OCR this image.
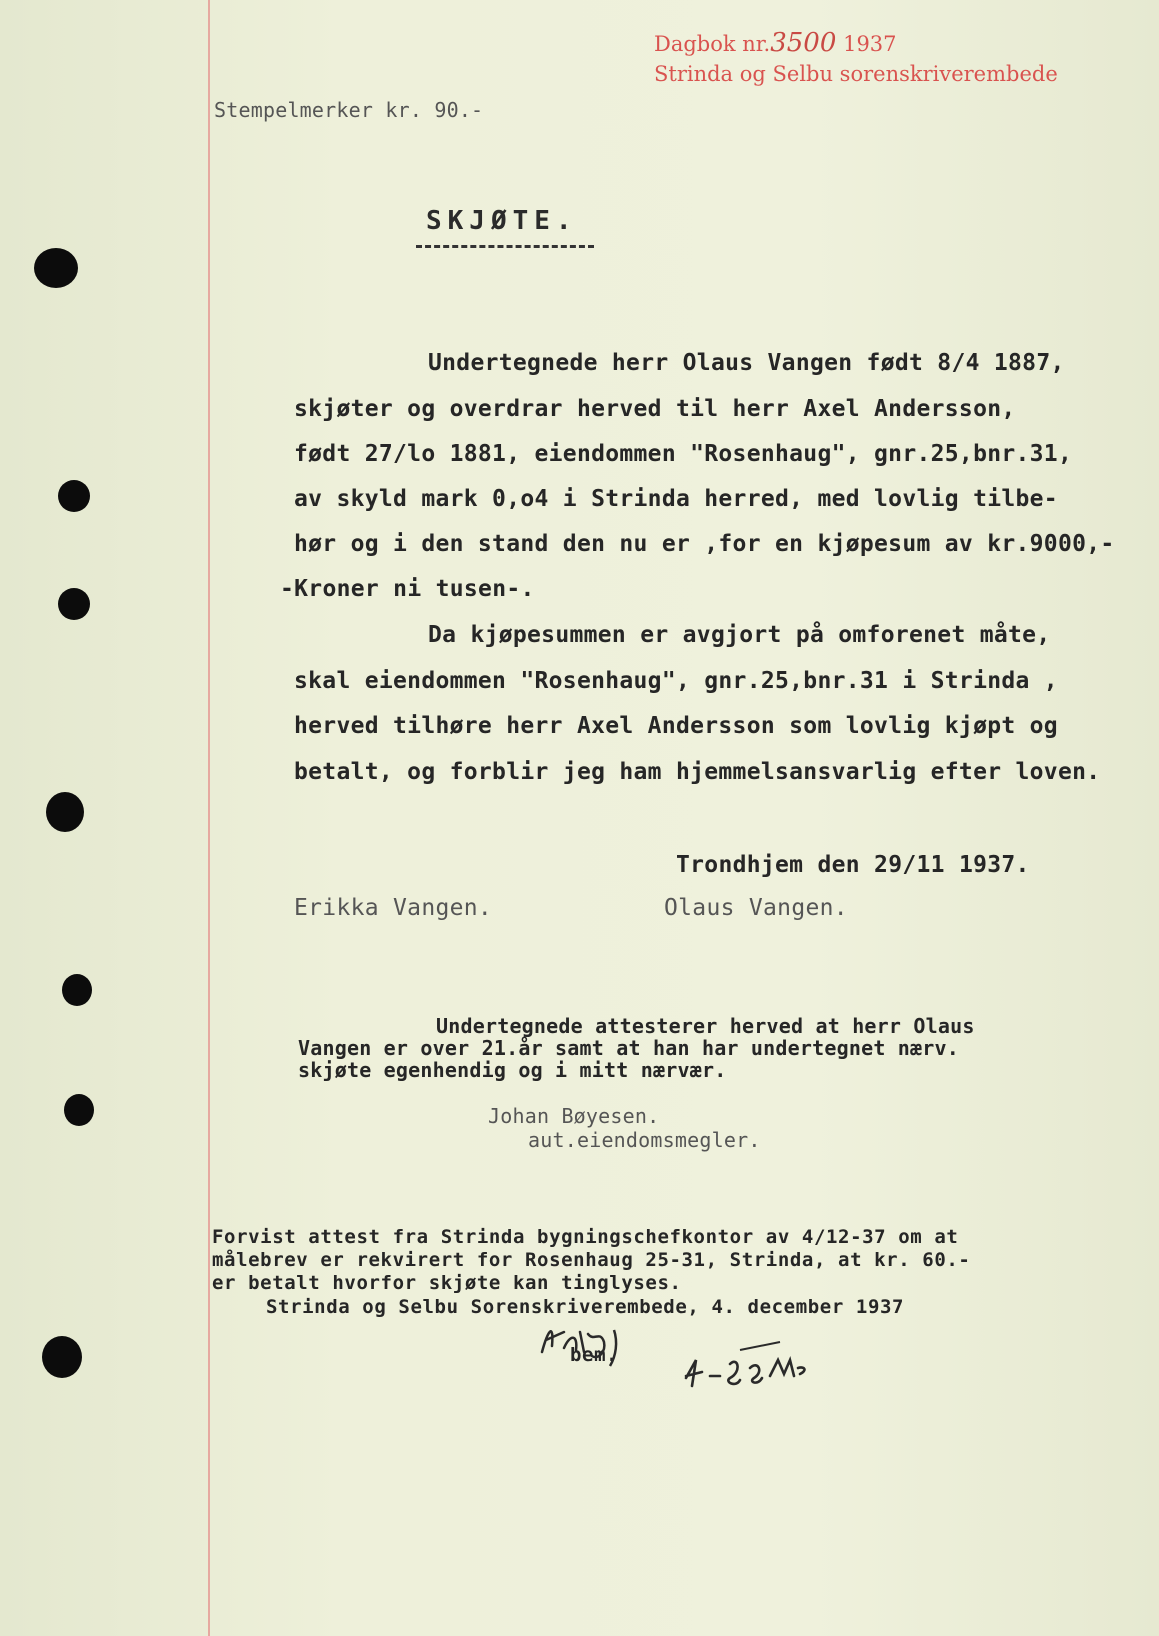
Dagbok nr.3500 1937
Strinda og Selbu sorenskriverembede
Stempelmerker kr. 90.-
SKJØTE.
Undertegnede herr Olaus Vangen født 8/4 1887,
skjøter og overdrar herved til herr Axel Andersson,
født 27/lo 1881, eiendommen "Rosenhaug", gnr.25,bnr.31,
av skyld mark 0,o4 i Strinda herred, med lovlig tilbe-
hør og i den stand den nu er ,for en kjøpesum av kr.9000,-
-Kroner ni tusen-.
Da kjøpesummen er avgjort på omforenet måte,
skal eiendommen "Rosenhaug", gnr.25,bnr.31 i Strinda ,
herved tilhøre herr Axel Andersson som lovlig kjøpt og
betalt, og forblir jeg ham hjemmelsansvarlig efter loven.
Trondhjem den 29/11 1937.
Erikka Vangen.	Olaus Vangen.
Undertegnede attesterer herved at herr Olaus
Vangen er over 21.år samt at han har undertegnet nærv.
skjøte egenhendig og i mitt nærvær.
Johan Bøyesen.
aut.eiendomsmegler.
Forvist attest fra Strinda bygningschefkontor av 4/12-37 om at
målebrev er rekvirert for Rosenhaug 25-31, Strinda, at kr. 60.-
er betalt hvorfor skjøte kan tinglyses.
Strinda og Selbu Sorenskriverembede, 4. december 1937
bem.
